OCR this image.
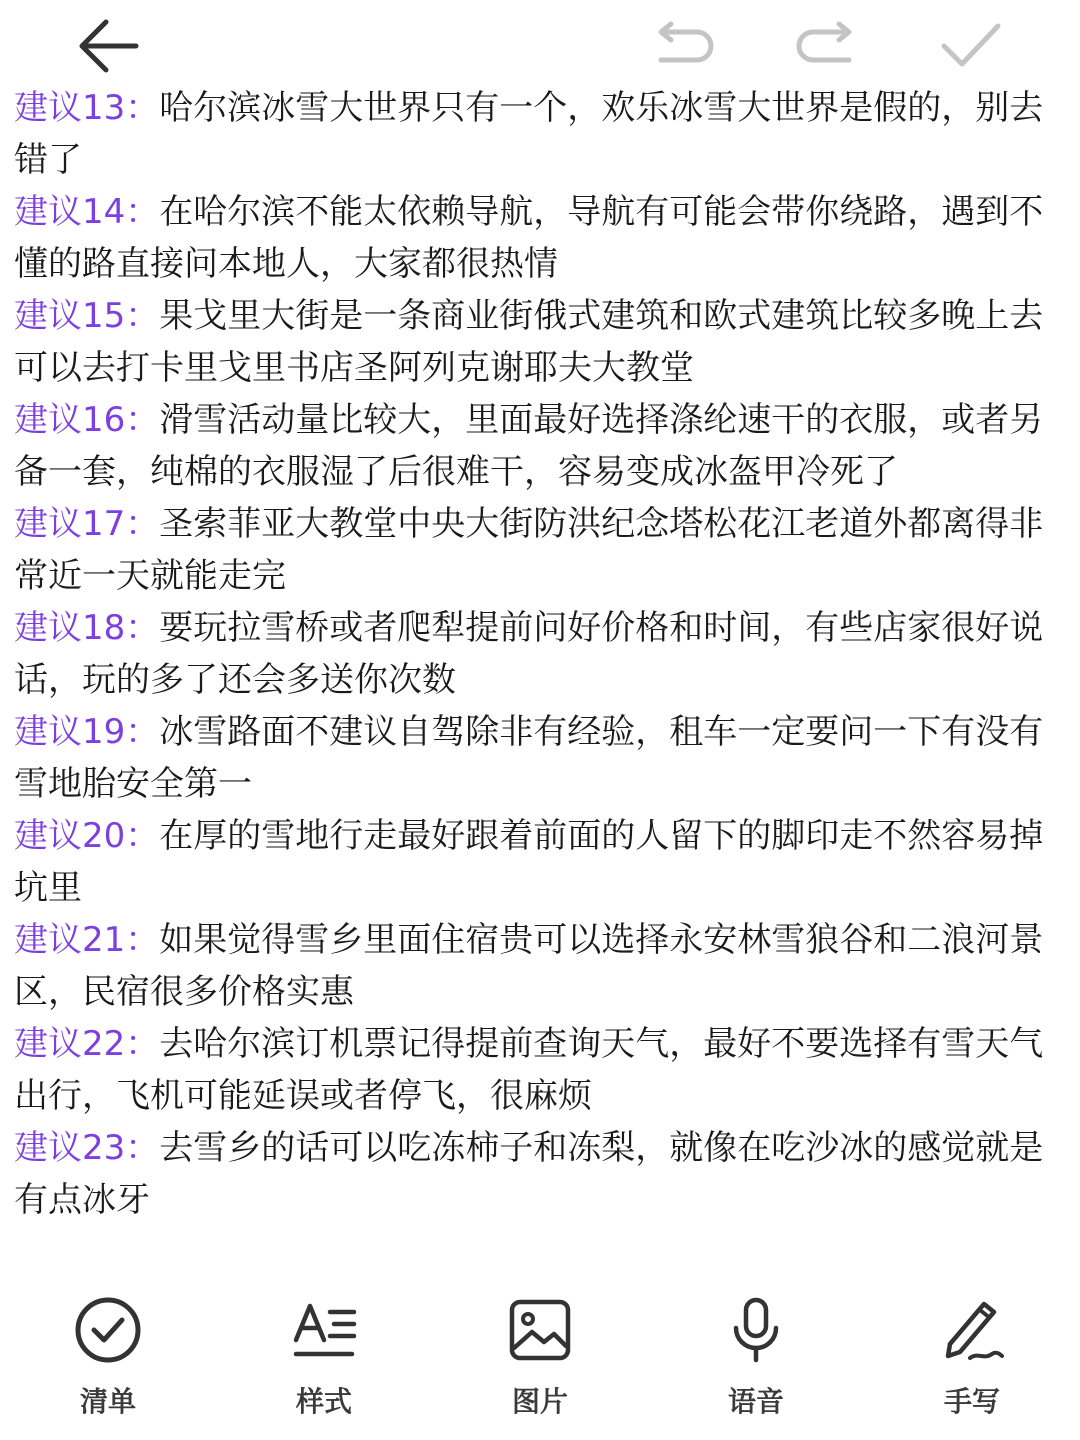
建议13：哈尔滨冰雪大世界只有一个，欢乐冰雪大世界是假的，别去错了

建议14：在哈尔滨不能太依赖导航，导航有可能会带你绕路，遇到不懂的路直接问本地人，大家都很热情

建议15：果戈里大街是一条商业街俄式建筑和欧式建筑比较多晚上去可以去打卡里戈里书店圣阿列克谢耶夫大教堂

建议16：滑雪活动量比较大，里面最好选择涤纶速干的衣服，或者另备一套，纯棉的衣服湿了后很难干，容易变成冰盔甲冷死了

建议17：圣索菲亚大教堂中央大街防洪纪念塔松花江老道外都离得非常近一天就能走完

建议18：要玩拉雪桥或者爬犁提前问好价格和时间，有些店家很好说话，玩的多了还会多送你次数

建议19：冰雪路面不建议自驾除非有经验，租车一定要问一下有没有雪地胎安全第一

建议20：在厚的雪地行走最好跟着前面的人留下的脚印走不然容易掉坑里

建议21：如果觉得雪乡里面住宿贵可以选择永安林雪狼谷和二浪河景区，民宿很多价格实惠

建议22：去哈尔滨订机票记得提前查询天气，最好不要选择有雪天气出行，飞机可能延误或者停飞，很麻烦

建议23：去雪乡的话可以吃冻柿子和冻梨，就像在吃沙冰的感觉就是有点冰牙

清单	样式	图片	语音	手写
